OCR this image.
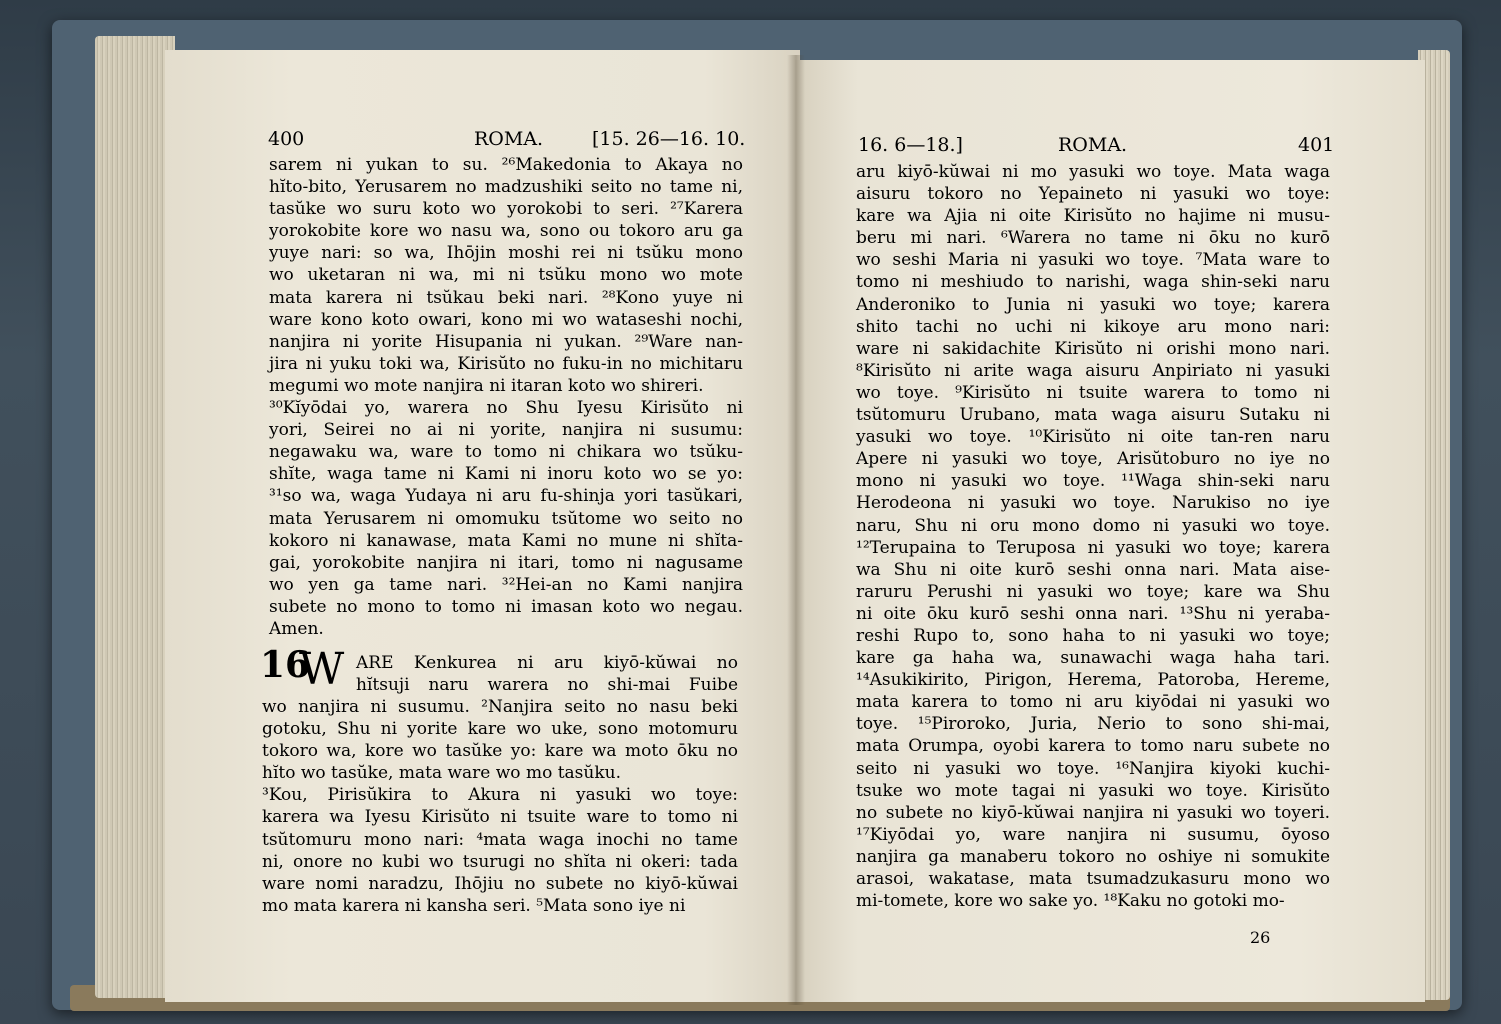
400	ROMA.	[15. 26—16. 10.
sarem ni yukan to su. ²⁶Makedonia to Akaya no
hĭto-bito, Yerusarem no madzushiki seito no tame ni,
tasŭke wo suru koto wo yorokobi to seri. ²⁷Karera
yorokobite kore wo nasu wa, sono ou tokoro aru ga
yuye nari: so wa, Ihōjin moshi rei ni tsŭku mono
wo uketaran ni wa, mi ni tsŭku mono wo mote
mata karera ni tsŭkau beki nari. ²⁸Kono yuye ni
ware kono koto owari, kono mi wo wataseshi nochi,
nanjira ni yorite Hisupania ni yukan. ²⁹Ware nan-
jira ni yuku toki wa, Kirisŭto no fuku-in no michitaru
megumi wo mote nanjira ni itaran koto wo shireri.
³⁰Kĭyōdai yo, warera no Shu Iyesu Kirisŭto ni
yori, Seirei no ai ni yorite, nanjira ni susumu:
negawaku wa, ware to tomo ni chikara wo tsŭku-
shĭte, waga tame ni Kami ni inoru koto wo se yo:
³¹so wa, waga Yudaya ni aru fu-shinja yori tasŭkari,
mata Yerusarem ni omomuku tsŭtome wo seito no
kokoro ni kanawase, mata Kami no mune ni shĭta-
gai, yorokobite nanjira ni itari, tomo ni nagusame
wo yen ga tame nari. ³²Hei-an no Kami nanjira
subete no mono to tomo ni imasan koto wo negau.
Amen.
16
W ARE Kenkurea ni aru kiyō-kŭwai no
hĭtsuji naru warera no shi-mai Fuibe
wo nanjira ni susumu. ²Nanjira seito no nasu beki
gotoku, Shu ni yorite kare wo uke, sono motomuru
tokoro wa, kore wo tasŭke yo: kare wa moto ōku no
hĭto wo tasŭke, mata ware wo mo tasŭku.
³Kou, Pirisŭkira to Akura ni yasuki wo toye:
karera wa Iyesu Kirisŭto ni tsuite ware to tomo ni
tsŭtomuru mono nari: ⁴mata waga inochi no tame
ni, onore no kubi wo tsurugi no shĭta ni okeri: tada
ware nomi naradzu, Ihōjiu no subete no kiyō-kŭwai
mo mata karera ni kansha seri. ⁵Mata sono iye ni
16. 6—18.]	ROMA.	401
aru kiyō-kŭwai ni mo yasuki wo toye. Mata waga
aisuru tokoro no Yepaineto ni yasuki wo toye:
kare wa Ajia ni oite Kirisŭto no hajime ni musu-
beru mi nari. ⁶Warera no tame ni ōku no kurō
wo seshi Maria ni yasuki wo toye. ⁷Mata ware to
tomo ni meshiudo to narishi, waga shin-seki naru
Anderoniko to Junia ni yasuki wo toye; karera
shito tachi no uchi ni kikoye aru mono nari:
ware ni sakidachite Kirisŭto ni orishi mono nari.
⁸Kirisŭto ni arite waga aisuru Anpiriato ni yasuki
wo toye. ⁹Kirisŭto ni tsuite warera to tomo ni
tsŭtomuru Urubano, mata waga aisuru Sutaku ni
yasuki wo toye. ¹⁰Kirisŭto ni oite tan-ren naru
Apere ni yasuki wo toye, Arisŭtoburo no iye no
mono ni yasuki wo toye. ¹¹Waga shin-seki naru
Herodeona ni yasuki wo toye. Narukiso no iye
naru, Shu ni oru mono domo ni yasuki wo toye.
¹²Terupaina to Teruposa ni yasuki wo toye; karera
wa Shu ni oite kurō seshi onna nari. Mata aise-
raruru Perushi ni yasuki wo toye; kare wa Shu
ni oite ōku kurō seshi onna nari. ¹³Shu ni yeraba-
reshi Rupo to, sono haha to ni yasuki wo toye;
kare ga haha wa, sunawachi waga haha tari.
¹⁴Asukikirito, Pirigon, Herema, Patoroba, Hereme,
mata karera to tomo ni aru kiyōdai ni yasuki wo
toye. ¹⁵Piroroko, Juria, Nerio to sono shi-mai,
mata Orumpa, oyobi karera to tomo naru subete no
seito ni yasuki wo toye. ¹⁶Nanjira kiyoki kuchi-
tsuke wo mote tagai ni yasuki wo toye. Kirisŭto
no subete no kiyō-kŭwai nanjira ni yasuki wo toyeri.
¹⁷Kiyōdai yo, ware nanjira ni susumu, ōyoso
nanjira ga manaberu tokoro no oshiye ni somukite
arasoi, wakatase, mata tsumadzukasuru mono wo
mi-tomete, kore wo sake yo. ¹⁸Kaku no gotoki mo-
26
